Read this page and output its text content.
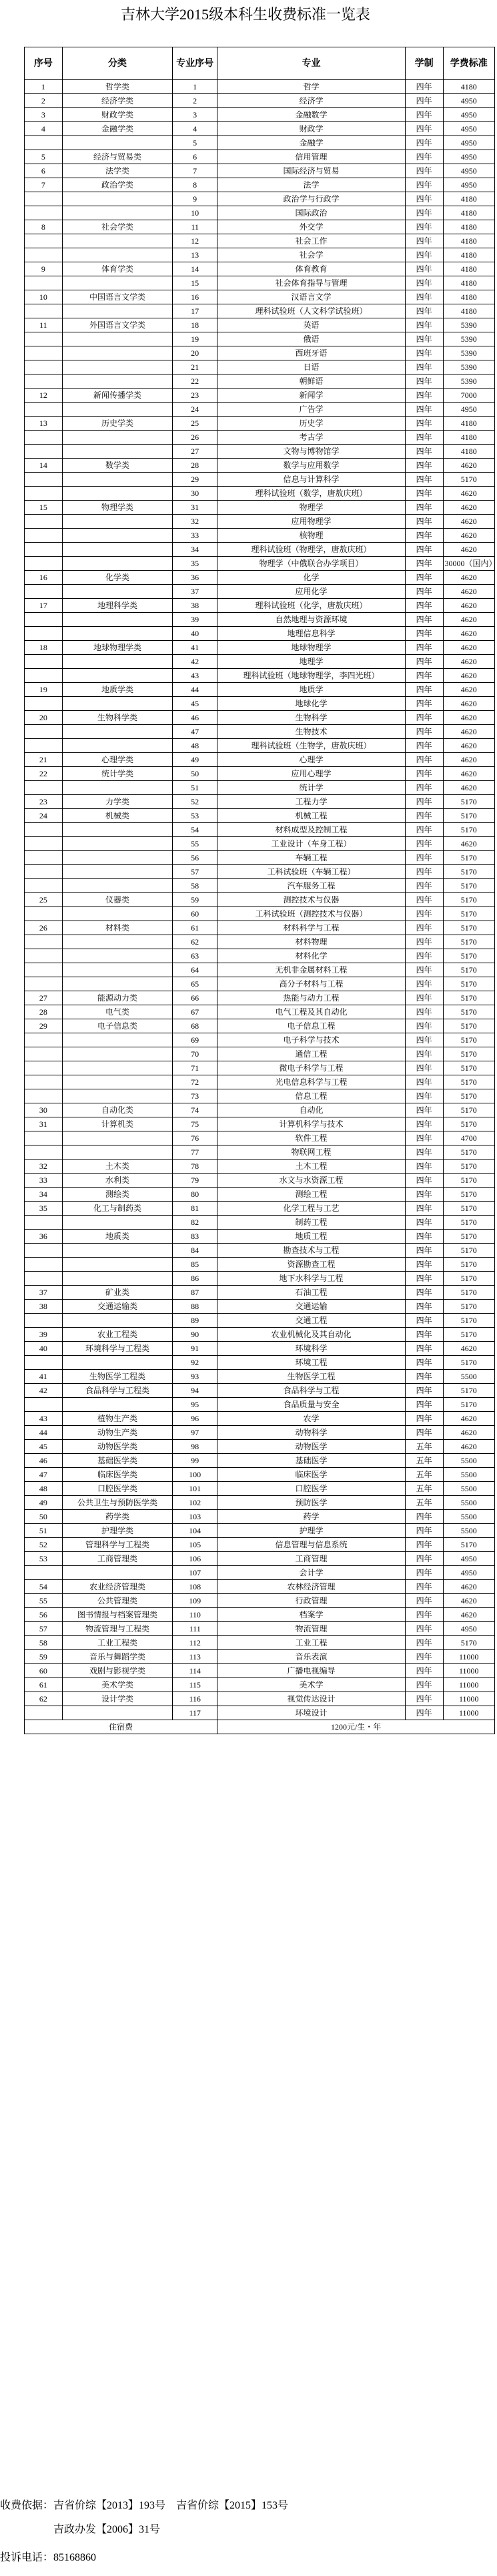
吉林大学2015级本科生收费标准一览表
序号	分类	专业序号	专业	学制	学费标准
1	哲学类	1	哲学	四年	4180
2	经济学类	2	经济学	四年	4950
3	财政学类	3	金融数学	四年	4950
4	金融学类	4	财政学	四年	4950
		5	金融学	四年	4950
5	经济与贸易类	6	信用管理	四年	4950
6	法学类	7	国际经济与贸易	四年	4950
7	政治学类	8	法学	四年	4950
		9	政治学与行政学	四年	4180
		10	国际政治	四年	4180
8	社会学类	11	外交学	四年	4180
		12	社会工作	四年	4180
		13	社会学	四年	4180
9	体育学类	14	体育教育	四年	4180
		15	社会体育指导与管理	四年	4180
10	中国语言文学类	16	汉语言文学	四年	4180
		17	理科试验班（人文科学试验班）	四年	4180
11	外国语言文学类	18	英语	四年	5390
		19	俄语	四年	5390
		20	西班牙语	四年	5390
		21	日语	四年	5390
		22	朝鲜语	四年	5390
12	新闻传播学类	23	新闻学	四年	7000
		24	广告学	四年	4950
13	历史学类	25	历史学	四年	4180
		26	考古学	四年	4180
		27	文物与博物馆学	四年	4180
14	数学类	28	数学与应用数学	四年	4620
		29	信息与计算科学	四年	5170
		30	理科试验班（数学，唐敖庆班）	四年	4620
15	物理学类	31	物理学	四年	4620
		32	应用物理学	四年	4620
		33	核物理	四年	4620
		34	理科试验班（物理学，唐敖庆班）	四年	4620
		35	物理学（中俄联合办学项目）	四年	30000（国内）
16	化学类	36	化学	四年	4620
		37	应用化学	四年	4620
17	地理科学类	38	理科试验班（化学，唐敖庆班）	四年	4620
		39	自然地理与资源环境	四年	4620
		40	地理信息科学	四年	4620
18	地球物理学类	41	地球物理学	四年	4620
		42	地理学	四年	4620
		43	理科试验班（地球物理学，李四光班）	四年	4620
19	地质学类	44	地质学	四年	4620
		45	地球化学	四年	4620
20	生物科学类	46	生物科学	四年	4620
		47	生物技术	四年	4620
		48	理科试验班（生物学，唐敖庆班）	四年	4620
21	心理学类	49	心理学	四年	4620
22	统计学类	50	应用心理学	四年	4620
		51	统计学	四年	4620
23	力学类	52	工程力学	四年	5170
24	机械类	53	机械工程	四年	5170
		54	材料成型及控制工程	四年	5170
		55	工业设计（车身工程）	四年	4620
		56	车辆工程	四年	5170
		57	工科试验班（车辆工程）	四年	5170
		58	汽车服务工程	四年	5170
25	仪器类	59	测控技术与仪器	四年	5170
		60	工科试验班（测控技术与仪器）	四年	5170
26	材料类	61	材料科学与工程	四年	5170
		62	材料物理	四年	5170
		63	材料化学	四年	5170
		64	无机非金属材料工程	四年	5170
		65	高分子材料与工程	四年	5170
27	能源动力类	66	热能与动力工程	四年	5170
28	电气类	67	电气工程及其自动化	四年	5170
29	电子信息类	68	电子信息工程	四年	5170
		69	电子科学与技术	四年	5170
		70	通信工程	四年	5170
		71	微电子科学与工程	四年	5170
		72	光电信息科学与工程	四年	5170
		73	信息工程	四年	5170
30	自动化类	74	自动化	四年	5170
31	计算机类	75	计算机科学与技术	四年	5170
		76	软件工程	四年	4700
		77	物联网工程	四年	5170
32	土木类	78	土木工程	四年	5170
33	水利类	79	水文与水资源工程	四年	5170
34	测绘类	80	测绘工程	四年	5170
35	化工与制药类	81	化学工程与工艺	四年	5170
		82	制药工程	四年	5170
36	地质类	83	地质工程	四年	5170
		84	勘查技术与工程	四年	5170
		85	资源勘查工程	四年	5170
		86	地下水科学与工程	四年	5170
37	矿业类	87	石油工程	四年	5170
38	交通运输类	88	交通运输	四年	5170
		89	交通工程	四年	5170
39	农业工程类	90	农业机械化及其自动化	四年	5170
40	环境科学与工程类	91	环境科学	四年	4620
		92	环境工程	四年	5170
41	生物医学工程类	93	生物医学工程	四年	5500
42	食品科学与工程类	94	食品科学与工程	四年	5170
		95	食品质量与安全	四年	5170
43	植物生产类	96	农学	四年	4620
44	动物生产类	97	动物科学	四年	4620
45	动物医学类	98	动物医学	五年	4620
46	基础医学类	99	基础医学	五年	5500
47	临床医学类	100	临床医学	五年	5500
48	口腔医学类	101	口腔医学	五年	5500
49	公共卫生与预防医学类	102	预防医学	五年	5500
50	药学类	103	药学	四年	5500
51	护理学类	104	护理学	四年	5500
52	管理科学与工程类	105	信息管理与信息系统	四年	5170
53	工商管理类	106	工商管理	四年	4950
		107	会计学	四年	4950
54	农业经济管理类	108	农林经济管理	四年	4620
55	公共管理类	109	行政管理	四年	4620
56	图书情报与档案管理类	110	档案学	四年	4620
57	物流管理与工程类	111	物流管理	四年	4950
58	工业工程类	112	工业工程	四年	5170
59	音乐与舞蹈学类	113	音乐表演	四年	11000
60	戏剧与影视学类	114	广播电视编导	四年	11000
61	美术学类	115	美术学	四年	11000
62	设计学类	116	视觉传达设计	四年	11000
		117	环境设计	四年	11000
住宿费			1200元/生・年		
收费依据：吉省价综【2013】193号 吉省价综【2015】153号
吉政办发【2006】31号
投诉电话：85168860
